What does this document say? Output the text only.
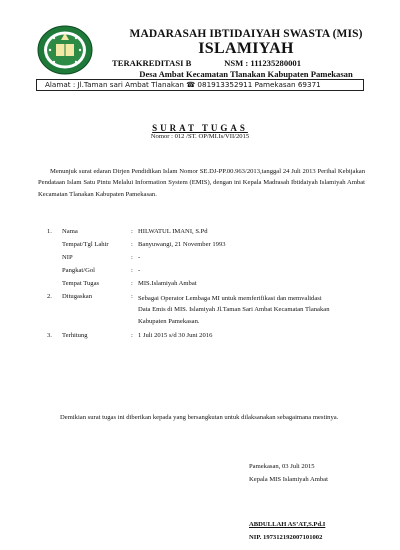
MADARASAH IBTIDAIYAH SWASTA (MIS)
ISLAMIYAH
TERAKREDITASI B	NSM : 111235280001
Desa Ambat Kecamatan Tlanakan Kabupaten Pamekasan
Alamat : Jl.Taman sari Ambat Tlanakan ☎ 081913352911 Pamekasan 69371
SURAT TUGAS
Nomor : 012 /ST. OP/MI.Is/VII/2015
Menunjuk surat edaran Dirjen Pendidikan Islam Nomor SE.DJ-PP.00.963/2013,tanggal 24 Juli 2013 Perihal Kebijakan Pendataan Islam Satu Pintu Melalui Information System (EMIS), dengan ini Kepala Madrasah Ibtidaiyah Islamiyah Ambat Kecamatan Tlanakan Kabupaten Pamekasan.
1. Nama	: HILWATUL IMANI, S.Pd
Tempat/Tgl Lahir	: Banyuwangi, 21 November 1993
NIP	: -
Pangkat/Gol	: -
Tempat Tugas	: MIS.Islamiyah Ambat
2. Ditugaskan	: Sebagai Operator Lembaga MI untuk memferifikasi dan memvalidasi
Data Emis di MIS. Islamiyah Jl.Taman Sari Ambat Kecamatan Tlanakan
Kabupaten Pamekasan.
3. Terhitung	: 1 Juli 2015 s/d 30 Juni 2016
Demikian surat tugas ini diberikan kepada yang bersangkutan untuk dilaksanakan sebagaimana mestinya.
Pamekasan, 03 Juli 2015
Kepala MIS Islamiyah Ambat
ABDULLAH AS’AT,S.Pd.I
NIP. 197312192007101002
